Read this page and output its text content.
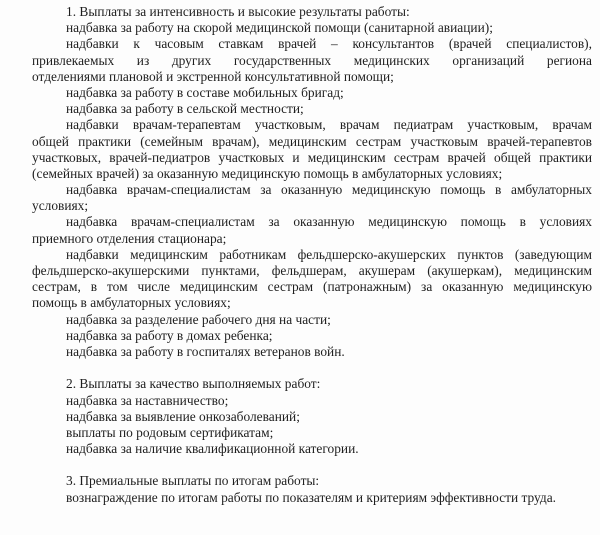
1. Выплаты за интенсивность и высокие результаты работы:
надбавка за работу на скорой медицинской помощи (санитарной авиации);
надбавки к часовым ставкам врачей – консультантов (врачей специалистов),
привлекаемых из других государственных медицинских организаций региона
отделениями плановой и экстренной консультативной помощи;
надбавка за работу в составе мобильных бригад;
надбавка за работу в сельской местности;
надбавки врачам-терапевтам участковым, врачам педиатрам участковым, врачам
общей практики (семейным врачам), медицинским сестрам участковым врачей-терапевтов
участковых, врачей-педиатров участковых и медицинским сестрам врачей общей практики
(семейных врачей) за оказанную медицинскую помощь в амбулаторных условиях;
надбавка врачам-специалистам за оказанную медицинскую помощь в амбулаторных
условиях;
надбавка врачам-специалистам за оказанную медицинскую помощь в условиях
приемного отделения стационара;
надбавки медицинским работникам фельдшерско-акушерских пунктов (заведующим
фельдшерско-акушерскими пунктами, фельдшерам, акушерам (акушеркам), медицинским
сестрам, в том числе медицинским сестрам (патронажным) за оказанную медицинскую
помощь в амбулаторных условиях;
надбавка за разделение рабочего дня на части;
надбавка за работу в домах ребенка;
надбавка за работу в госпиталях ветеранов войн.
2. Выплаты за качество выполняемых работ:
надбавка за наставничество;
надбавка за выявление онкозаболеваний;
выплаты по родовым сертификатам;
надбавка за наличие квалификационной категории.
3. Премиальные выплаты по итогам работы:
вознаграждение по итогам работы по показателям и критериям эффективности труда.
